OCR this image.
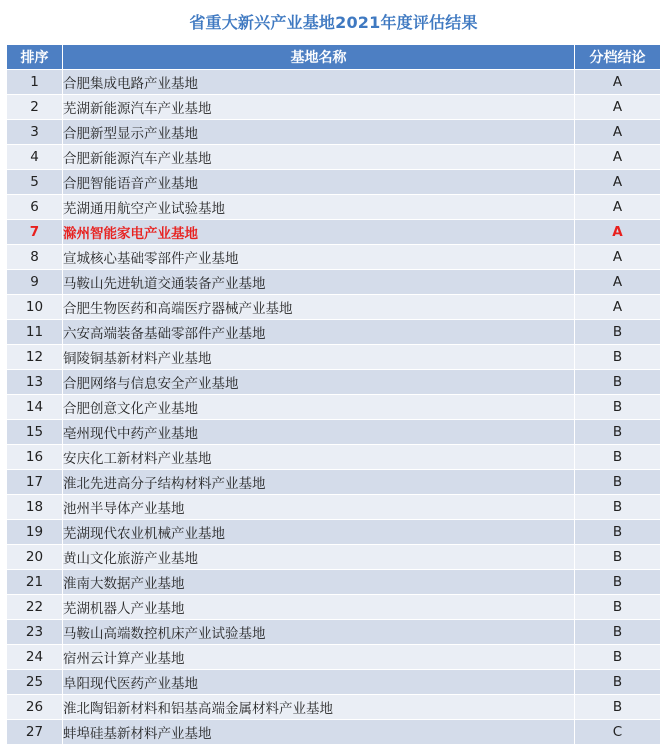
省重大新兴产业基地2021年度评估结果
排序	基地名称	分档结论
1	合肥集成电路产业基地	A
2	芜湖新能源汽车产业基地	A
3	合肥新型显示产业基地	A
4	合肥新能源汽车产业基地	A
5	合肥智能语音产业基地	A
6	芜湖通用航空产业试验基地	A
7	滁州智能家电产业基地	A
8	宣城核心基础零部件产业基地	A
9	马鞍山先进轨道交通装备产业基地	A
10	合肥生物医药和高端医疗器械产业基地	A
11	六安高端装备基础零部件产业基地	B
12	铜陵铜基新材料产业基地	B
13	合肥网络与信息安全产业基地	B
14	合肥创意文化产业基地	B
15	亳州现代中药产业基地	B
16	安庆化工新材料产业基地	B
17	淮北先进高分子结构材料产业基地	B
18	池州半导体产业基地	B
19	芜湖现代农业机械产业基地	B
20	黄山文化旅游产业基地	B
21	淮南大数据产业基地	B
22	芜湖机器人产业基地	B
23	马鞍山高端数控机床产业试验基地	B
24	宿州云计算产业基地	B
25	阜阳现代医药产业基地	B
26	淮北陶铝新材料和铝基高端金属材料产业基地	B
27	蚌埠硅基新材料产业基地	C
